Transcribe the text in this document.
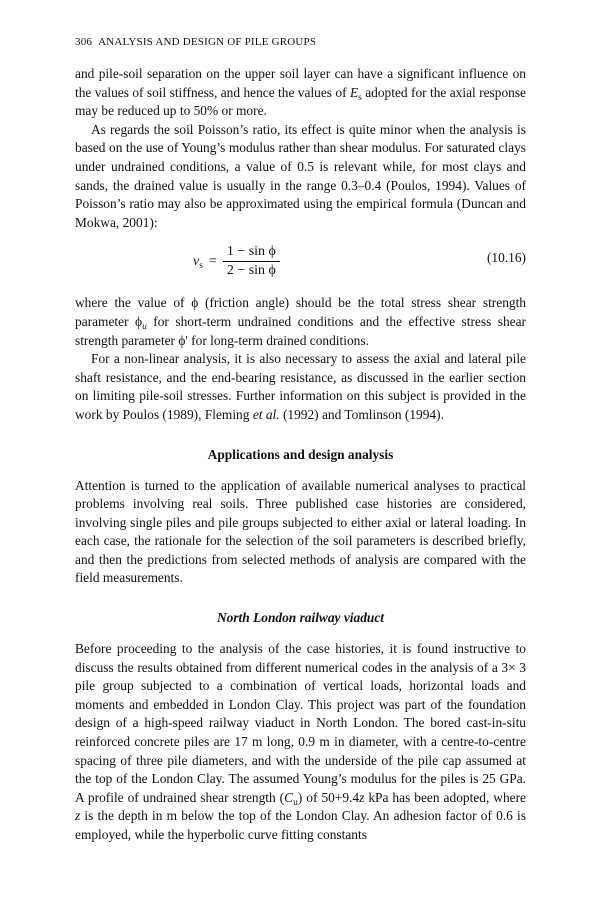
306 ANALYSIS AND DESIGN OF PILE GROUPS

and pile-soil separation on the upper soil layer can have a significant influence on the values of soil stiffness, and hence the values of $E_s$ adopted for the axial response may be reduced up to 50% or more.

As regards the soil Poisson’s ratio, its effect is quite minor when the analysis is based on the use of Young’s modulus rather than shear modulus. For saturated clays under undrained conditions, a value of 0.5 is relevant while, for most clays and sands, the drained value is usually in the range 0.3–0.4 (Poulos, 1994). Values of Poisson’s ratio may also be approximated using the empirical formula (Duncan and Mokwa, 2001):

$v_s = \frac{\text{1 − sin ϕ}}{\text{2 − sin ϕ}}$	(10.16)

where the value of ϕ (friction angle) should be the total stress shear strength parameter $\phi_u$ for short-term undrained conditions and the effective stress shear strength parameter ϕ' for long-term drained conditions.

For a non-linear analysis, it is also necessary to assess the axial and lateral pile shaft resistance, and the end-bearing resistance, as discussed in the earlier section on limiting pile-soil stresses. Further information on this subject is provided in the work by Poulos (1989), Fleming et al. (1992) and Tomlinson (1994).

Applications and design analysis

Attention is turned to the application of available numerical analyses to practical problems involving real soils. Three published case histories are considered, involving single piles and pile groups subjected to either axial or lateral loading. In each case, the rationale for the selection of the soil parameters is described briefly, and then the predictions from selected methods of analysis are compared with the field measurements.

North London railway viaduct

Before proceeding to the analysis of the case histories, it is found instructive to discuss the results obtained from different numerical codes in the analysis of a 3× 3 pile group subjected to a combination of vertical loads, horizontal loads and moments and embedded in London Clay. This project was part of the foundation design of a high-speed railway viaduct in North London. The bored cast-in-situ reinforced concrete piles are 17 m long, 0.9 m in diameter, with a centre-to-centre spacing of three pile diameters, and with the underside of the pile cap assumed at the top of the London Clay. The assumed Young’s modulus for the piles is 25 GPa. A profile of undrained shear strength $(C_u)$ of 50+9.4z kPa has been adopted, where z is the depth in m below the top of the London Clay. An adhesion factor of 0.6 is employed, while the hyperbolic curve fitting constants
